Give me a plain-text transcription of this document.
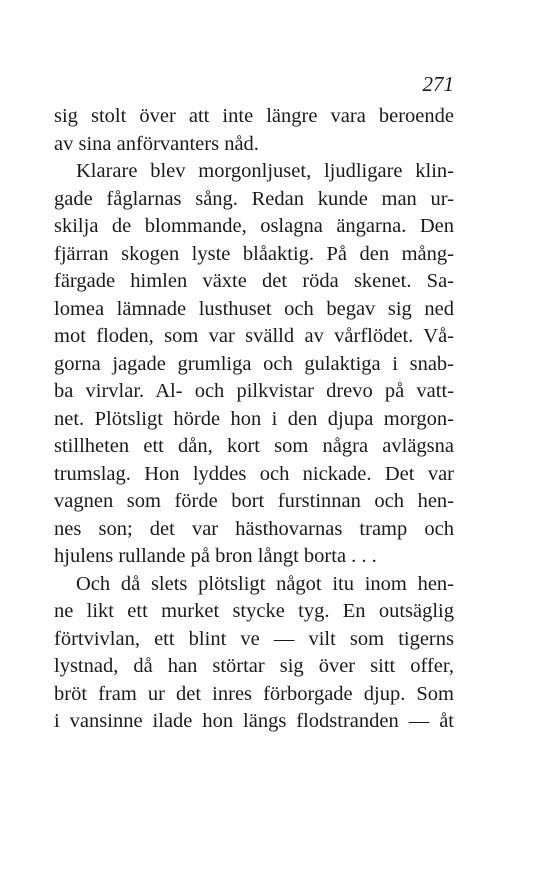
271
sig stolt över att inte längre vara beroende
av sina anförvanters nåd.
Klarare blev morgonljuset, ljudligare klin-
gade fåglarnas sång. Redan kunde man ur-
skilja de blommande, oslagna ängarna. Den
fjärran skogen lyste blåaktig. På den mång-
färgade himlen växte det röda skenet. Sa-
lomea lämnade lusthuset och begav sig ned
mot floden, som var svälld av vårflödet. Vå-
gorna jagade grumliga och gulaktiga i snab-
ba virvlar. Al- och pilkvistar drevo på vatt-
net. Plötsligt hörde hon i den djupa morgon-
stillheten ett dån, kort som några avlägsna
trumslag. Hon lyddes och nickade. Det var
vagnen som förde bort furstinnan och hen-
nes son; det var hästhovarnas tramp och
hjulens rullande på bron långt borta . . .
Och då slets plötsligt något itu inom hen-
ne likt ett murket stycke tyg. En outsäglig
förtvivlan, ett blint ve — vilt som tigerns
lystnad, då han störtar sig över sitt offer,
bröt fram ur det inres förborgade djup. Som
i vansinne ilade hon längs flodstranden — åt
